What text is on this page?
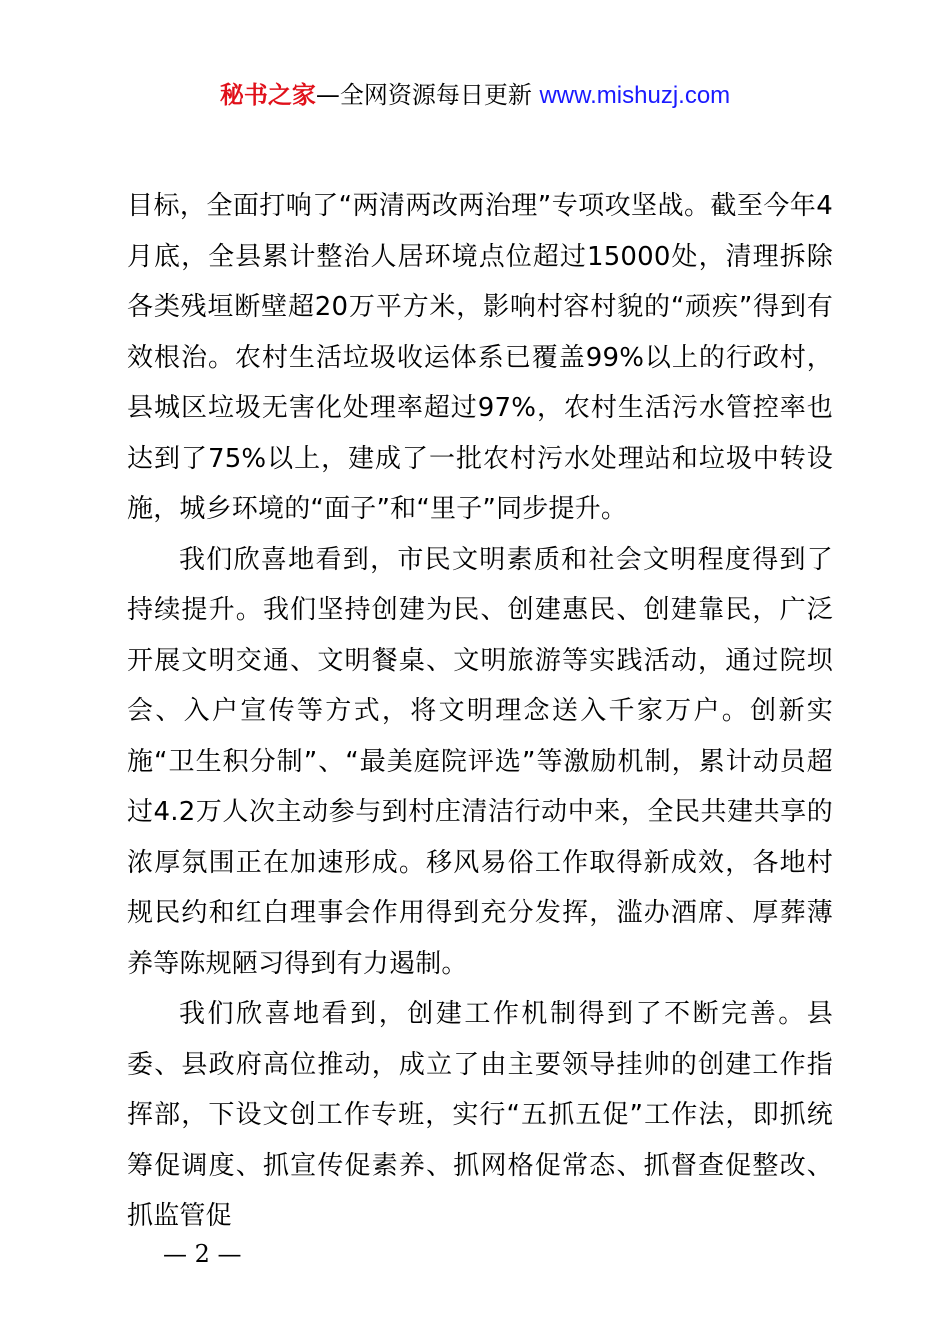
秘书之家—全网资源每日更新 www.mishuzj.com

目标，全面打响了“两清两改两治理”专项攻坚战。截至今年4月底，全县累计整治人居环境点位超过15000处，清理拆除各类残垣断壁超20万平方米，影响村容村貌的“顽疾”得到有效根治。农村生活垃圾收运体系已覆盖99%以上的行政村，县城区垃圾无害化处理率超过97%，农村生活污水管控率也达到了75%以上，建成了一批农村污水处理站和垃圾中转设施，城乡环境的“面子”和“里子”同步提升。

我们欣喜地看到，市民文明素质和社会文明程度得到了持续提升。我们坚持创建为民、创建惠民、创建靠民，广泛开展文明交通、文明餐桌、文明旅游等实践活动，通过院坝会、入户宣传等方式，将文明理念送入千家万户。创新实施“卫生积分制”、“最美庭院评选”等激励机制，累计动员超过4.2万人次主动参与到村庄清洁行动中来，全民共建共享的浓厚氛围正在加速形成。移风易俗工作取得新成效，各地村规民约和红白理事会作用得到充分发挥，滥办酒席、厚葬薄养等陈规陋习得到有力遏制。

我们欣喜地看到，创建工作机制得到了不断完善。县委、县政府高位推动，成立了由主要领导挂帅的创建工作指挥部，下设文创工作专班，实行“五抓五促”工作法，即抓统筹促调度、抓宣传促素养、抓网格促常态、抓督查促整改、抓监管促

— 2 —
